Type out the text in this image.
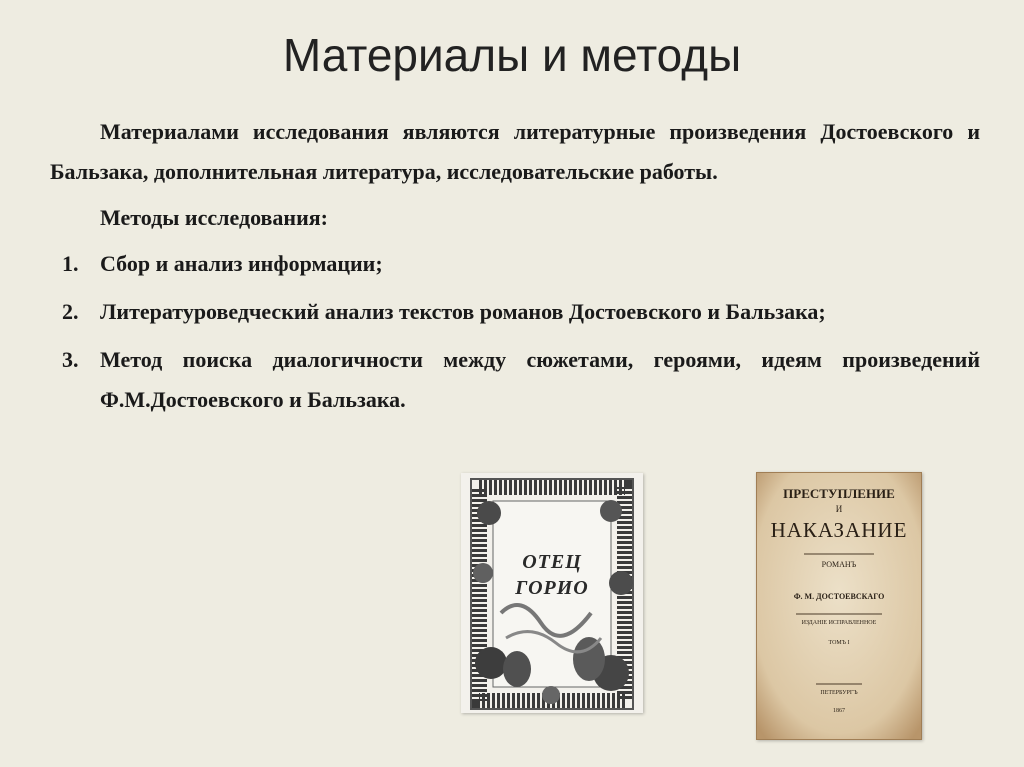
Материалы и методы

Материалами исследования являются литературные произведения Достоевского и Бальзака, дополнительная литература, исследовательские работы.

Методы исследования:
1. Сбор и анализ информации;
2. Литературоведческий анализ текстов романов Достоевского и Бальзака;
3. Метод поиска диалогичности между сюжетами, героями, идеям произведений Ф.М.Достоевского и Бальзака.
ОТЕЦ
ГОРИО
ПРЕСТУПЛЕНИЕ
И
НАКАЗАНИЕ
РОМАНЪ
Ф. М. ДОСТОЕВСКАГО
ИЗДАНІЕ ИСПРАВЛЕННОЕ
ТОМЪ I
ПЕТЕРБУРГЪ
1867
